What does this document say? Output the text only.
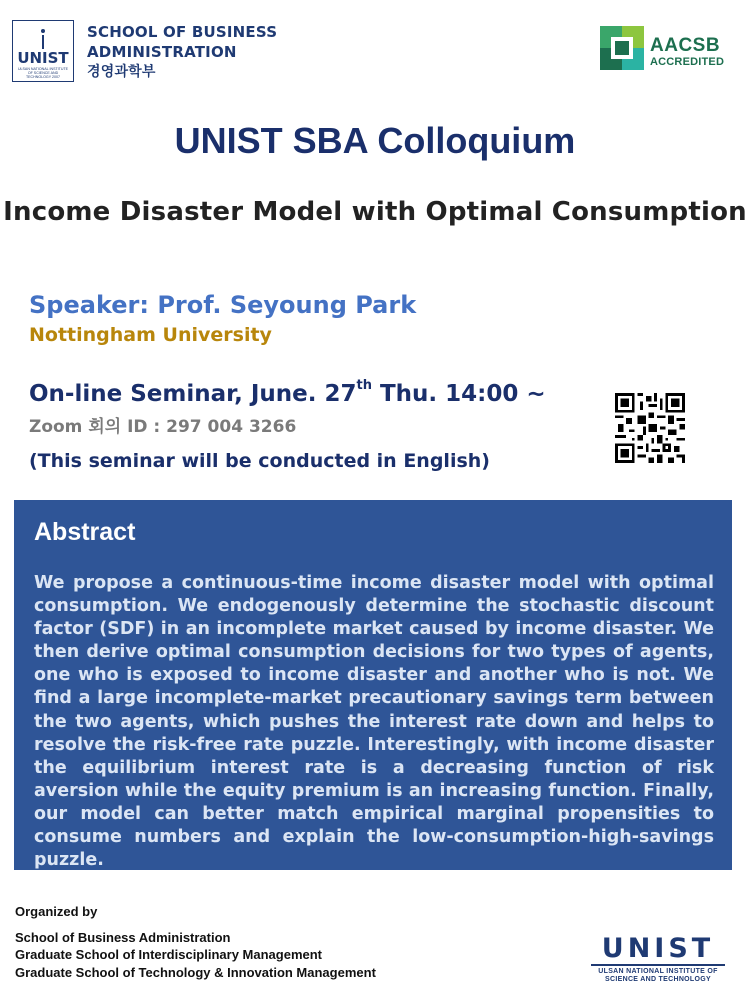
UNIST
ULSAN NATIONAL INSTITUTE OF SCIENCE AND TECHNOLOGY 2007
SCHOOL OF BUSINESS
ADMINISTRATION
경영과학부
AACSB
ACCREDITED
UNIST SBA Colloquium
Income Disaster Model with Optimal Consumption
Speaker: Prof. Seyoung Park
Nottingham University
On-line Seminar, June. 27th Thu. 14:00 ~
Zoom 회의 ID : 297 004 3266
(This seminar will be conducted in English)
Abstract
We propose a continuous-time income disaster model with optimal consumption. We endogenously determine the stochastic discount factor (SDF) in an incomplete market caused by income disaster. We then derive optimal consumption decisions for two types of agents, one who is exposed to income disaster and another who is not. We find a large incomplete-market precautionary savings term between the two agents, which pushes the interest rate down and helps to resolve the risk-free rate puzzle. Interestingly, with income disaster the equilibrium interest rate is a decreasing function of risk aversion while the equity premium is an increasing function. Finally, our model can better match empirical marginal propensities to consume numbers and explain the low-consumption-high-savings puzzle.
Organized by
School of Business Administration
Graduate School of Interdisciplinary Management
Graduate School of Technology & Innovation Management
UNIST
ULSAN NATIONAL INSTITUTE OF
SCIENCE AND TECHNOLOGY
